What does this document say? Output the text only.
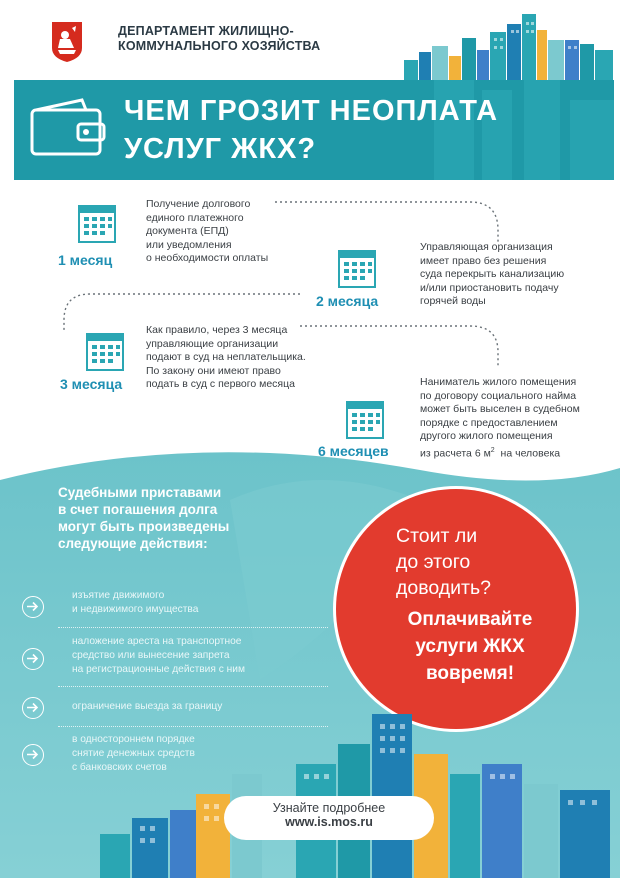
ДЕПАРТАМЕНТ ЖИЛИЩНО-
КОММУНАЛЬНОГО ХОЗЯЙСТВА
ЧЕМ ГРОЗИТ НЕОПЛАТА
УСЛУГ ЖКХ?
1 месяц
Получение долгового
единого платежного
документа (ЕПД)
или уведомления
о необходимости оплаты
2 месяца
Управляющая организация
имеет право без решения
суда перекрыть канализацию
и/или приостановить подачу
горячей воды
3 месяца
Как правило, через 3 месяца
управляющие организации
подают в суд на неплательщика.
По закону они имеют право
подать в суд с первого месяца
6 месяцев
Наниматель жилого помещения
по договору социального найма
может быть выселен в судебном
порядке с предоставлением
другого жилого помещения
из расчета 6 $м^2$  на человека
Судебными приставами
в счет погашения долга
могут быть произведены
следующие действия:
изъятие движимого
и недвижимого имущества
наложение ареста на транспортное
средство или вынесение запрета
на регистрационные действия с ним
ограничение выезда за границу
в одностороннем порядке
снятие денежных средств
с банковских счетов
Стоит ли
до этого
доводить?
Оплачивайте
услуги ЖКХ
вовремя!
Узнайте подробнее
www.is.mos.ru
